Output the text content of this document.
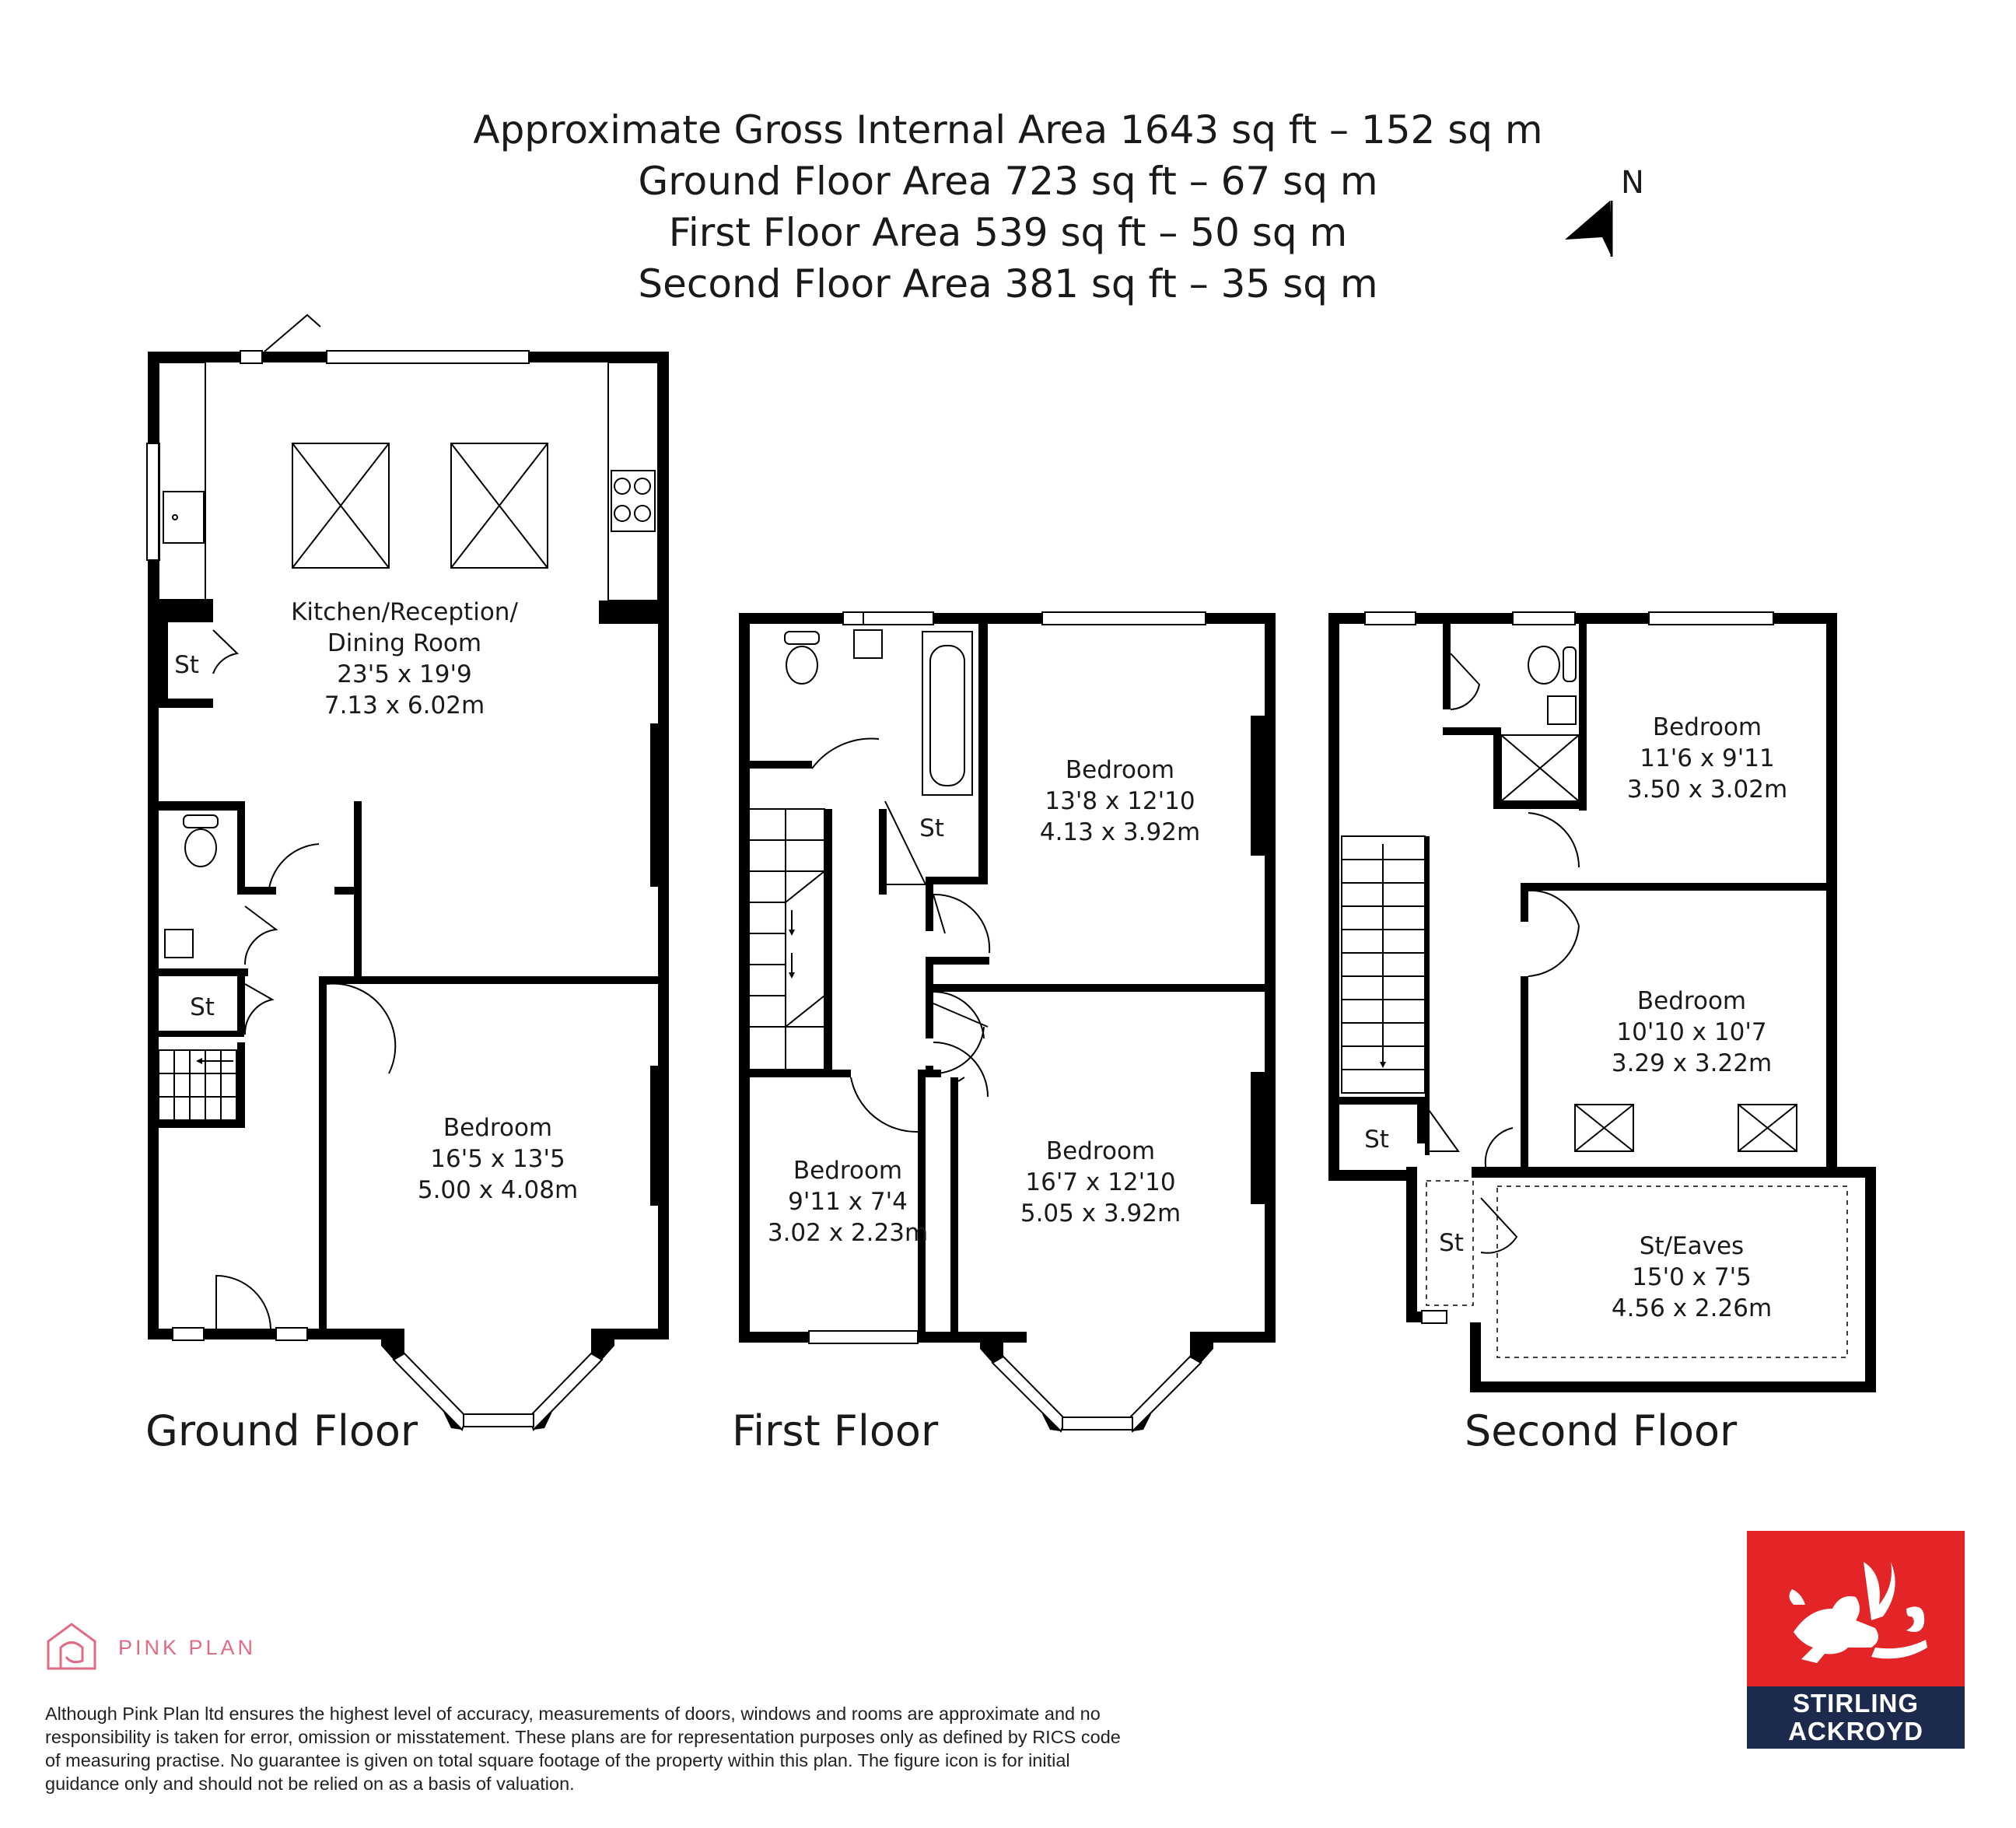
Approximate Gross Internal Area 1643 sq ft – 152 sq m
Ground Floor Area 723 sq ft – 67 sq m
First Floor Area 539 sq ft – 50 sq m
Second Floor Area 381 sq ft – 35 sq m
N
Kitchen/Reception/
Dining Room
23'5 x 19'9
7.13 x 6.02m
St
St
Bedroom
16'5 x 13'5
5.00 x 4.08m
Ground Floor
Bedroom
13'8 x 12'10
4.13 x 3.92m
St
Bedroom
9'11 x 7'4
3.02 x 2.23m
Bedroom
16'7 x 12'10
5.05 x 3.92m
First Floor
Bedroom
11'6 x 9'11
3.50 x 3.02m
Bedroom
10'10 x 10'7
3.29 x 3.22m
St
St	St/Eaves
15'0 x 7'5
4.56 x 2.26m
Second Floor
PINK PLAN
Although Pink Plan ltd ensures the highest level of accuracy, measurements of doors, windows and rooms are approximate and no responsibility is taken for error, omission or misstatement. These plans are for representation purposes only as defined by RICS code of measuring practise. No guarantee is given on total square footage of the property within this plan. The figure icon is for initial guidance only and should not be relied on as a basis of valuation.
STIRLING
ACKROYD
